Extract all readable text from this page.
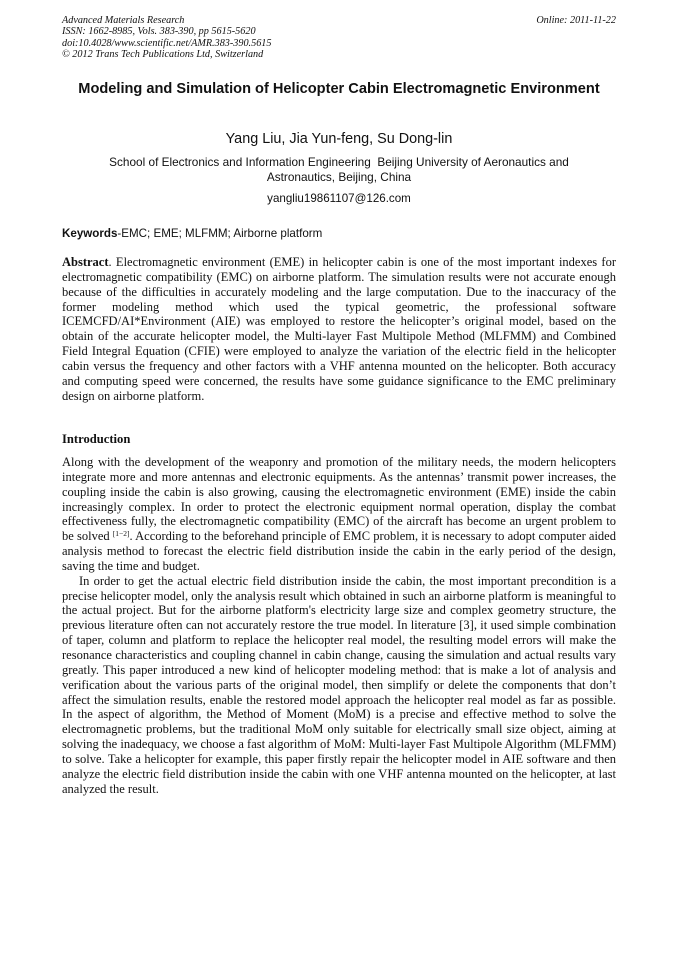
Advanced Materials Research	Online: 2011-11-22
ISSN: 1662-8985, Vols. 383-390, pp 5615-5620
doi:10.4028/www.scientific.net/AMR.383-390.5615
© 2012 Trans Tech Publications Ltd, Switzerland
Modeling and Simulation of Helicopter Cabin Electromagnetic Environment
Yang Liu, Jia Yun-feng, Su Dong-lin
School of Electronics and Information Engineering  Beijing University of Aeronautics and Astronautics, Beijing, China
yangliu19861107@126.com
Keywords-EMC; EME; MLFMM; Airborne platform

Abstract. Electromagnetic environment (EME) in helicopter cabin is one of the most important indexes for electromagnetic compatibility (EMC) on airborne platform. The simulation results were not accurate enough because of the difficulties in accurately modeling and the large computation. Due to the inaccuracy of the former modeling method which used the typical geometric, the professional software ICEMCFD/AI*Environment (AIE) was employed to restore the helicopter’s original model, based on the obtain of the accurate helicopter model, the Multi-layer Fast Multipole Method (MLFMM) and Combined Field Integral Equation (CFIE) were employed to analyze the variation of the electric field in the helicopter cabin versus the frequency and other factors with a VHF antenna mounted on the helicopter. Both accuracy and computing speed were concerned, the results have some guidance significance to the EMC preliminary design on airborne platform.

Introduction

Along with the development of the weaponry and promotion of the military needs, the modern helicopters integrate more and more antennas and electronic equipments. As the antennas’ transmit power increases, the coupling inside the cabin is also growing, causing the electromagnetic environment (EME) inside the cabin increasingly complex. In order to protect the electronic equipment normal operation, display the combat effectiveness fully, the electromagnetic compatibility (EMC) of the aircraft has become an urgent problem to be solved [1−2]. According to the beforehand principle of EMC problem, it is necessary to adopt computer aided analysis method to forecast the electric field distribution inside the cabin in the early period of the design, saving the time and budget.

In order to get the actual electric field distribution inside the cabin, the most important precondition is a precise helicopter model, only the analysis result which obtained in such an airborne platform is meaningful to the actual project. But for the airborne platform's electricity large size and complex geometry structure, the previous literature often can not accurately restore the true model. In literature [3], it used simple combination of taper, column and platform to replace the helicopter real model, the resulting model errors will make the resonance characteristics and coupling channel in cabin change, causing the simulation and actual results vary greatly. This paper introduced a new kind of helicopter modeling method: that is make a lot of analysis and verification about the various parts of the original model, then simplify or delete the components that don’t affect the simulation results, enable the restored model approach the helicopter real model as far as possible. In the aspect of algorithm, the Method of Moment (MoM) is a precise and effective method to solve the electromagnetic problems, but the traditional MoM only suitable for electrically small size object, aiming at solving the inadequacy, we choose a fast algorithm of MoM: Multi-layer Fast Multipole Algorithm (MLFMM) to solve. Take a helicopter for example, this paper firstly repair the helicopter model in AIE software and then analyze the electric field distribution inside the cabin with one VHF antenna mounted on the helicopter, at last analyzed the result.
